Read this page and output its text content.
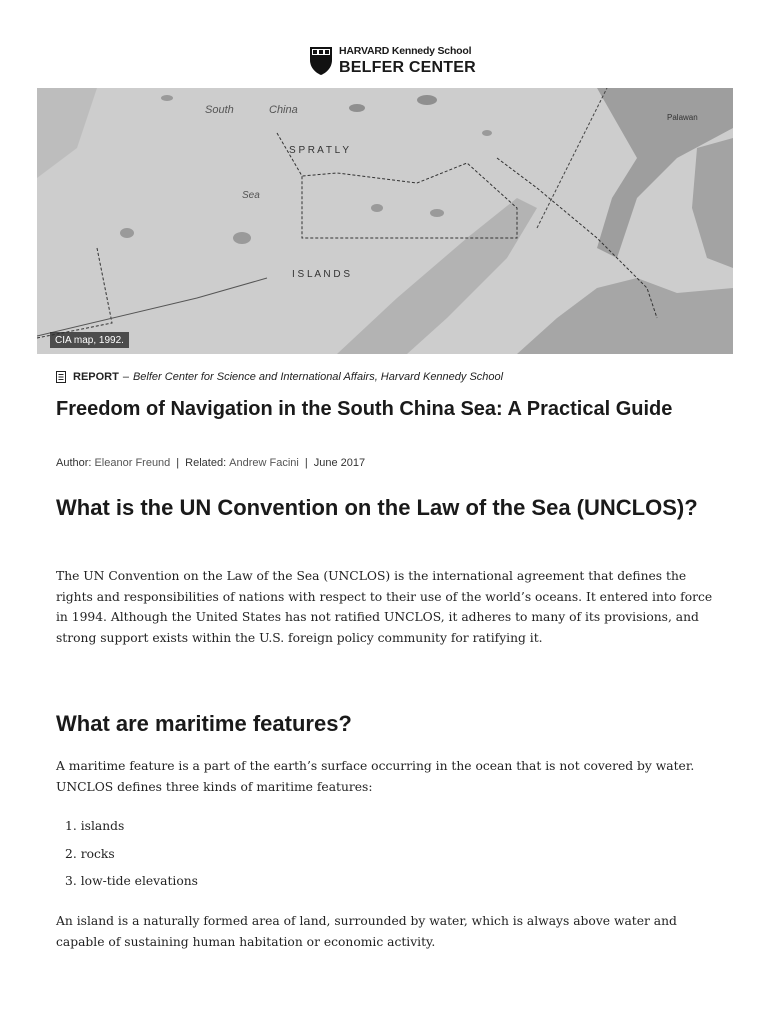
HARVARD Kennedy School
BELFER CENTER
South	China
Sea
S P R A T L Y
I S L A N D S
Palawan
CIA map, 1992.
REPORT – Belfer Center for Science and International Affairs, Harvard Kennedy School
Freedom of Navigation in the South China Sea: A Practical Guide
Author: Eleanor Freund | Related: Andrew Facini | June 2017
What is the UN Convention on the Law of the Sea (UNCLOS)?

The UN Convention on the Law of the Sea (UNCLOS) is the international agreement that defines the rights and responsibilities of nations with respect to their use of the world’s oceans. It entered into force in 1994. Although the United States has not ratified UNCLOS, it adheres to many of its provisions, and strong support exists within the U.S. foreign policy community for ratifying it.

What are maritime features?

A maritime feature is a part of the earth’s surface occurring in the ocean that is not covered by water. UNCLOS defines three kinds of maritime features:

1. islands
2. rocks
3. low-tide elevations

An island is a naturally formed area of land, surrounded by water, which is always above water and capable of sustaining human habitation or economic activity.
